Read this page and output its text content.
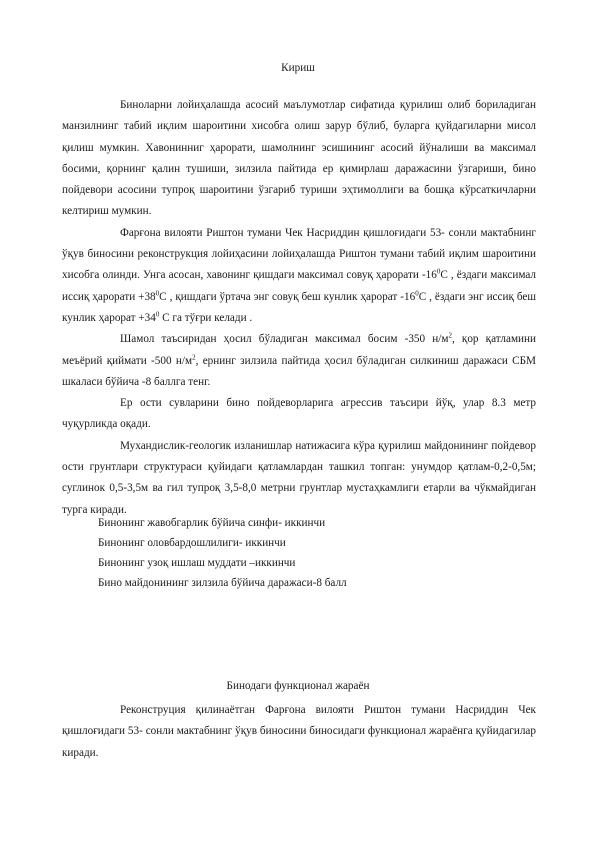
Кириш

Биноларни лойиҳалашда асосий маълумотлар сифатида қурилиш олиб бориладиган манзилнинг табий иқлим шароитини хисобга олиш зарур бўлиб, буларга қуйдагиларни мисол қилиш мумкин. Хавонинниг ҳарорати, шамолнинг эсишининг асосий йўналиши ва максимал босими, қорнинг қалин тушиши, зилзила пайтида ер қимирлаш даражасини ўзгариши, бино пойдевори асосини тупроқ шароитини ўзгариб туриши эҳтимоллиги ва бошқа кўрсаткичларни келтириш мумкин.

Фарғона вилояти Риштон тумани Чек Насриддин қишлоғидаги 53- сонли мактабнинг ўқув биносини реконструкция лойиҳасини лойиҳалашда Риштон тумани табий иқлим шароитини хисобга олинди. Унга асосан, хавонинг қишдаги максимал совуқ ҳарорати $-16^0С$ , ёздаги максимал иссиқ ҳарорати $+38^0С$ , қишдаги ўртача энг совуқ беш кунлик ҳарорат $-16^0С$ , ёздаги энг иссиқ беш кунлик ҳарорат $+34^0$ С га тўғри келади .

Шамол таъсиридан ҳосил бўладиган максимал босим -350 $н/м^2$, қор қатламини меъёрий қиймати -500 $н/м^2$, ернинг зилзила пайтида ҳосил бўладиган силкиниш даражаси СБМ шкаласи бўйича -8 баллга тенг.

Ер ости сувларини бино пойдеворларига агрессив таъсири йўқ, улар 8.3 метр чуқурликда оқади.

Мухандислик-геологик изланишлар натижасига кўра қурилиш майдонининг пойдевор ости грунтлари структураси қуйидаги қатламлардан ташкил топган: унумдор қатлам-0,2-0,5м; суглинок 0,5-3,5м ва гил тупроқ 3,5-8,0 метрни грунтлар мустаҳкамлиги етарли ва чўкмайдиган турга киради.

Бинонинг жавобгарлик бўйича синфи- иккинчи
Бинонинг оловбардошлилиги- иккинчи
Бинонинг узоқ ишлаш муддати –иккинчи
Бино майдонининг зилзила бўйича даражаси-8 балл
Бинодаги функционал жараён

Реконструция қилинаётган Фарғона вилояти Риштон тумани Насриддин Чек қишлоғидаги 53- сонли мактабнинг ўқув биносини биносидаги функционал жараёнга қуйидагилар киради.
